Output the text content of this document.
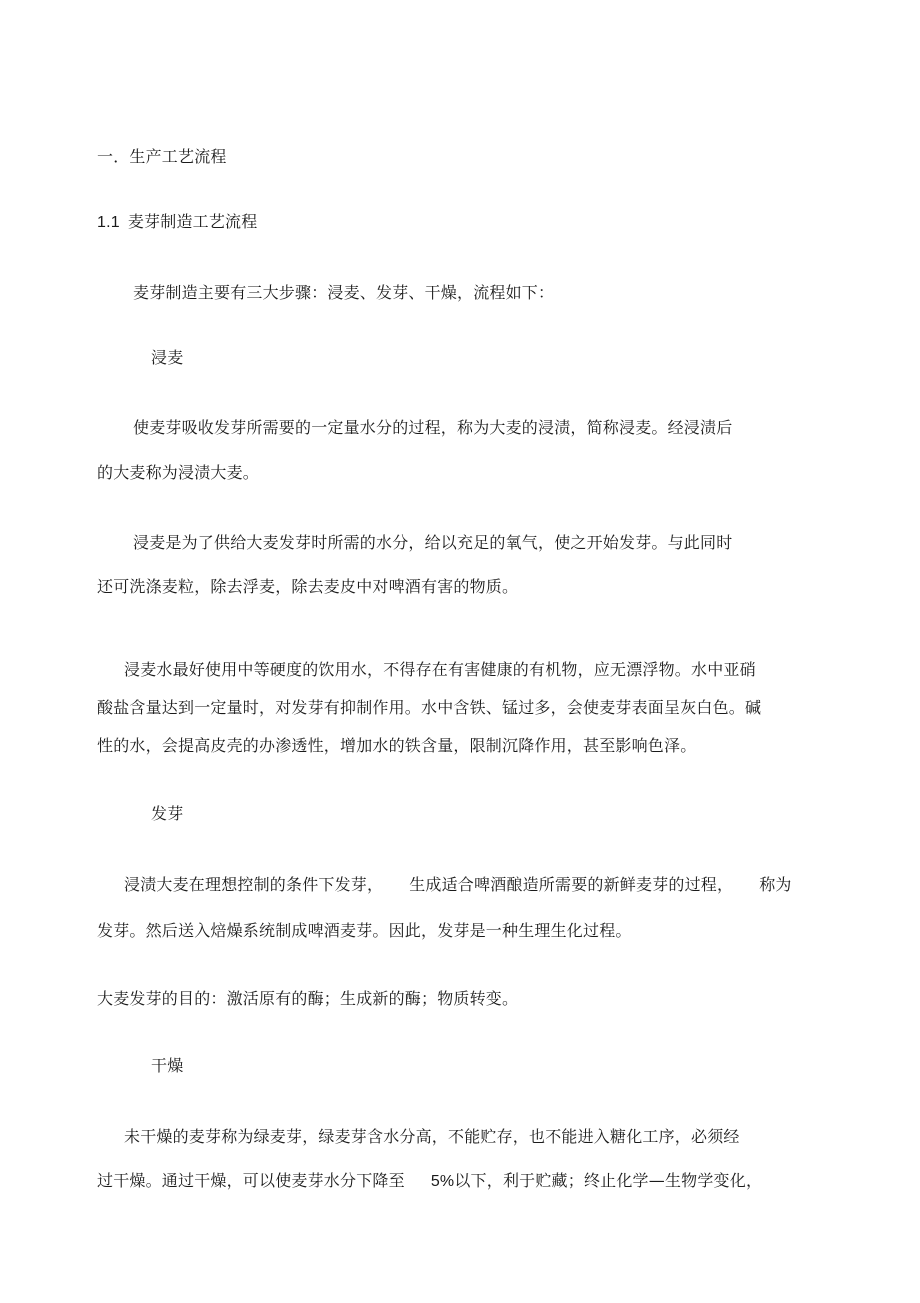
一．生产工艺流程
1.1 麦芽制造工艺流程
麦芽制造主要有三大步骤：浸麦、发芽、干燥，流程如下：
浸麦
使麦芽吸收发芽所需要的一定量水分的过程，称为大麦的浸渍，简称浸麦。经浸渍后
的大麦称为浸渍大麦。
浸麦是为了供给大麦发芽时所需的水分，给以充足的氧气，使之开始发芽。与此同时
还可洗涤麦粒，除去浮麦，除去麦皮中对啤酒有害的物质。
浸麦水最好使用中等硬度的饮用水，不得存在有害健康的有机物，应无漂浮物。水中亚硝
酸盐含量达到一定量时，对发芽有抑制作用。水中含铁、锰过多，会使麦芽表面呈灰白色。碱
性的水，会提高皮壳的办渗透性，增加水的铁含量，限制沉降作用，甚至影响色泽。
发芽
浸渍大麦在理想控制的条件下发芽， 生成适合啤酒酿造所需要的新鲜麦芽的过程， 称为
发芽。然后送入焙燥系统制成啤酒麦芽。因此，发芽是一种生理生化过程。
大麦发芽的目的：激活原有的酶；生成新的酶；物质转变。
干燥
未干燥的麦芽称为绿麦芽，绿麦芽含水分高，不能贮存，也不能进入糖化工序，必须经
过干燥。通过干燥，可以使麦芽水分下降至 5%以下，利于贮藏；终止化学—生物学变化，
